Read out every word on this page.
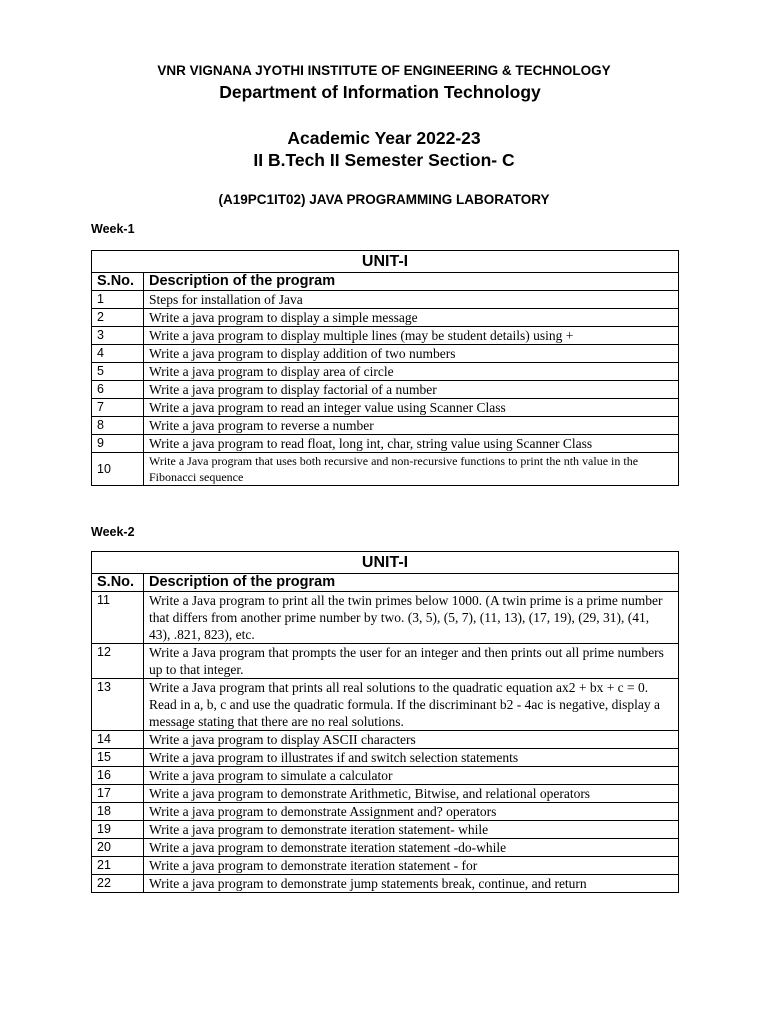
VNR VIGNANA JYOTHI INSTITUTE OF ENGINEERING & TECHNOLOGY
Department of Information Technology
Academic Year 2022-23
II B.Tech II Semester Section- C
(A19PC1IT02) JAVA PROGRAMMING LABORATORY
Week-1
UNIT-I	
S.No.	Description of the program
1	Steps for installation of Java
2	Write a java program to display a simple message
3	Write a java program to display multiple lines (may be student details) using +
4	Write a java program to display addition of two numbers
5	Write a java program to display area of circle
6	Write a java program to display factorial of a number
7	Write a java program to read an integer value using Scanner Class
8	Write a java program to reverse a number
9	Write a java program to read float, long int, char, string value using Scanner Class
10	Write a Java program that uses both recursive and non-recursive functions to print the nth value in the Fibonacci sequence
Week-2
UNIT-I	
S.No.	Description of the program
11	Write a Java program to print all the twin primes below 1000. (A twin prime is a prime number that differs from another prime number by two. (3, 5), (5, 7), (11, 13), (17, 19), (29, 31), (41, 43), .821, 823), etc.
12	Write a Java program that prompts the user for an integer and then prints out all prime numbers up to that integer.
13	Write a Java program that prints all real solutions to the quadratic equation ax2 + bx + c = 0. Read in a, b, c and use the quadratic formula. If the discriminant b2 - 4ac is negative, display a message stating that there are no real solutions.
14	Write a java program to display ASCII characters
15	Write a java program to illustrates if and switch selection statements
16	Write a java program to simulate a calculator
17	Write a java program to demonstrate Arithmetic, Bitwise, and relational operators
18	Write a java program to demonstrate Assignment and? operators
19	Write a java program to demonstrate iteration statement- while
20	Write a java program to demonstrate iteration statement -do-while
21	Write a java program to demonstrate iteration statement - for
22	Write a java program to demonstrate jump statements break, continue, and return
